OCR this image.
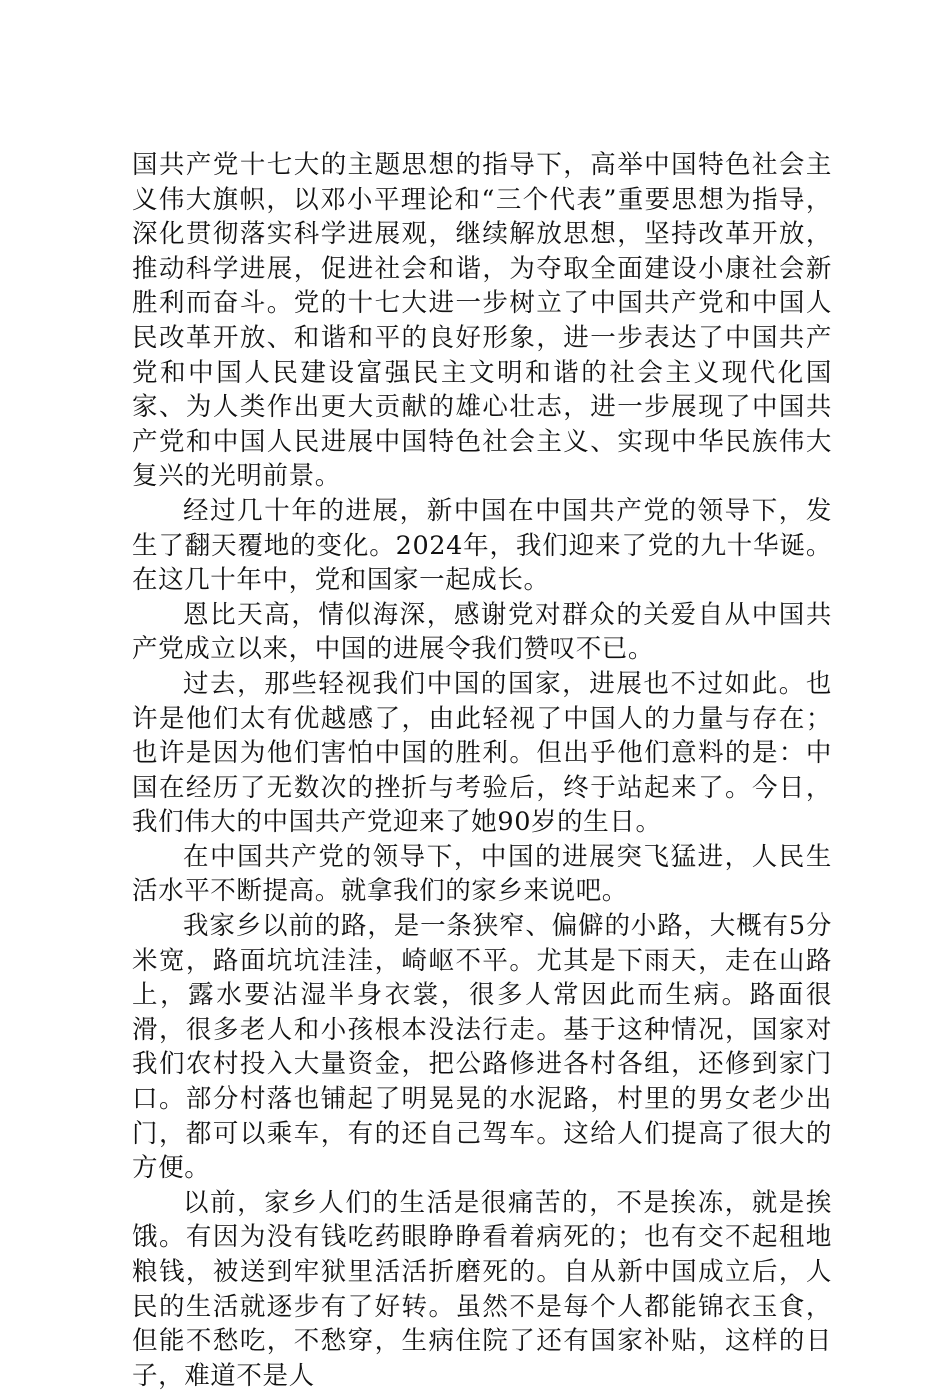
国共产党十七大的主题思想的指导下，高举中国特色社会主义伟大旗帜，以邓小平理论和“三个代表”重要思想为指导，深化贯彻落实科学进展观，继续解放思想，坚持改革开放，推动科学进展，促进社会和谐，为夺取全面建设小康社会新胜利而奋斗。党的十七大进一步树立了中国共产党和中国人民改革开放、和谐和平的良好形象，进一步表达了中国共产党和中国人民建设富强民主文明和谐的社会主义现代化国家、为人类作出更大贡献的雄心壮志，进一步展现了中国共产党和中国人民进展中国特色社会主义、实现中华民族伟大复兴的光明前景。

经过几十年的进展，新中国在中国共产党的领导下，发生了翻天覆地的变化。2024年，我们迎来了党的九十华诞。在这几十年中，党和国家一起成长。

恩比天高，情似海深，感谢党对群众的关爱自从中国共产党成立以来，中国的进展令我们赞叹不已。

过去，那些轻视我们中国的国家，进展也不过如此。也许是他们太有优越感了，由此轻视了中国人的力量与存在；也许是因为他们害怕中国的胜利。但出乎他们意料的是：中国在经历了无数次的挫折与考验后，终于站起来了。今日，我们伟大的中国共产党迎来了她90岁的生日。

在中国共产党的领导下，中国的进展突飞猛进，人民生活水平不断提高。就拿我们的家乡来说吧。

我家乡以前的路，是一条狭窄、偏僻的小路，大概有5分米宽，路面坑坑洼洼，崎岖不平。尤其是下雨天，走在山路上，露水要沾湿半身衣裳，很多人常因此而生病。路面很滑，很多老人和小孩根本没法行走。基于这种情况，国家对我们农村投入大量资金，把公路修进各村各组，还修到家门口。部分村落也铺起了明晃晃的水泥路，村里的男女老少出门，都可以乘车，有的还自己驾车。这给人们提高了很大的方便。

以前，家乡人们的生活是很痛苦的，不是挨冻，就是挨饿。有因为没有钱吃药眼睁睁看着病死的；也有交不起租地粮钱，被送到牢狱里活活折磨死的。自从新中国成立后，人民的生活就逐步有了好转。虽然不是每个人都能锦衣玉食，但能不愁吃，不愁穿，生病住院了还有国家补贴，这样的日子，难道不是人
